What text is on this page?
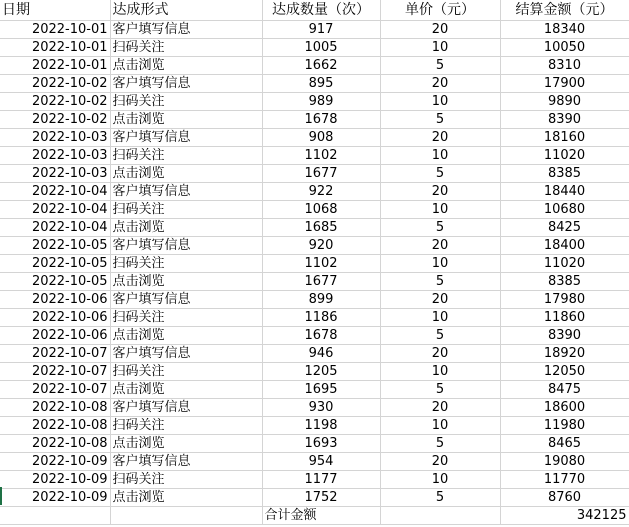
日期	达成形式	达成数量（次）	单价（元）	结算金额（元）
2022-10-01	客户填写信息	917	20	18340
2022-10-01	扫码关注	1005	10	10050
2022-10-01	点击浏览	1662	5	8310
2022-10-02	客户填写信息	895	20	17900
2022-10-02	扫码关注	989	10	9890
2022-10-02	点击浏览	1678	5	8390
2022-10-03	客户填写信息	908	20	18160
2022-10-03	扫码关注	1102	10	11020
2022-10-03	点击浏览	1677	5	8385
2022-10-04	客户填写信息	922	20	18440
2022-10-04	扫码关注	1068	10	10680
2022-10-04	点击浏览	1685	5	8425
2022-10-05	客户填写信息	920	20	18400
2022-10-05	扫码关注	1102	10	11020
2022-10-05	点击浏览	1677	5	8385
2022-10-06	客户填写信息	899	20	17980
2022-10-06	扫码关注	1186	10	11860
2022-10-06	点击浏览	1678	5	8390
2022-10-07	客户填写信息	946	20	18920
2022-10-07	扫码关注	1205	10	12050
2022-10-07	点击浏览	1695	5	8475
2022-10-08	客户填写信息	930	20	18600
2022-10-08	扫码关注	1198	10	11980
2022-10-08	点击浏览	1693	5	8465
2022-10-09	客户填写信息	954	20	19080
2022-10-09	扫码关注	1177	10	11770
2022-10-09	点击浏览	1752	5	8760
		合计金额		342125
